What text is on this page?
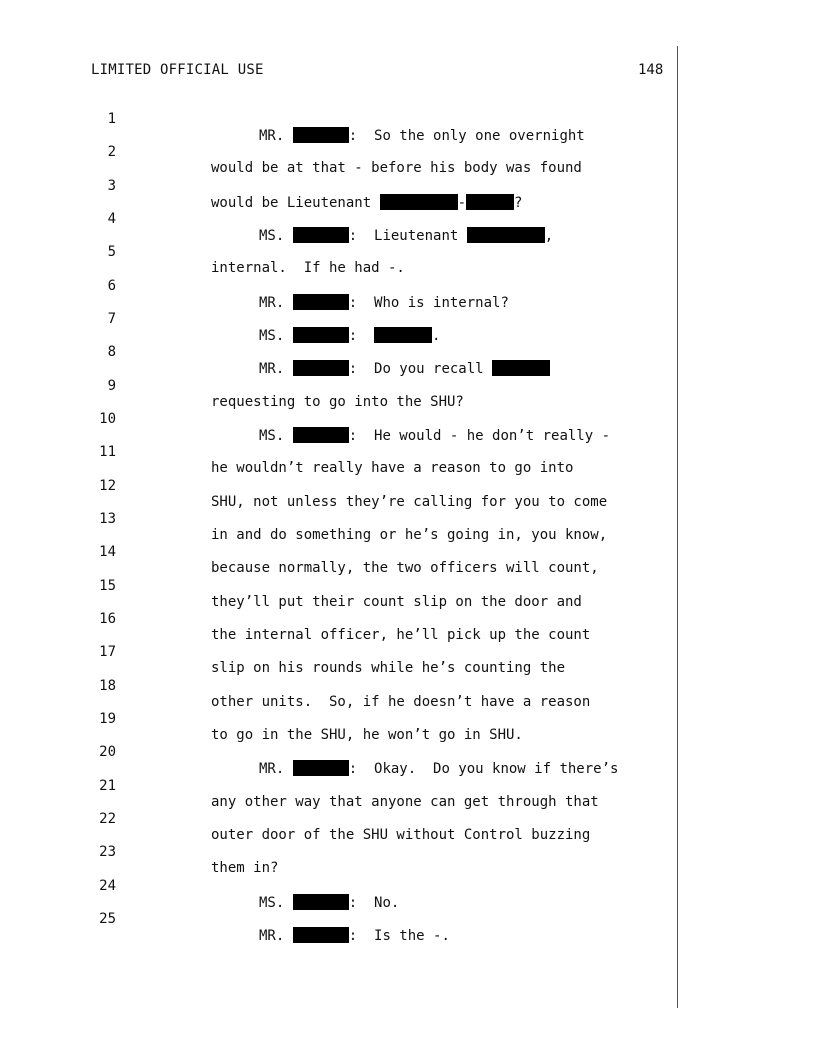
LIMITED OFFICIAL USE	148

1

MR.	:  So the only one overnight

2

would be at that - before his body was found

3

would be Lieutenant	-	?

4

MS.	:  Lieutenant	,

5

internal.  If he had -.

6

MR.	:  Who is internal?

7

MS.	:	.

8

MR.	:  Do you recall

9

requesting to go into the SHU?

10

MS.	:  He would - he don’t really -

11

he wouldn’t really have a reason to go into

12

SHU, not unless they’re calling for you to come

13

in and do something or he’s going in, you know,

14

because normally, the two officers will count,

15

they’ll put their count slip on the door and

16

the internal officer, he’ll pick up the count

17

slip on his rounds while he’s counting the

18

other units.  So, if he doesn’t have a reason

19

to go in the SHU, he won’t go in SHU.

20

MR.	:  Okay.  Do you know if there’s

21

any other way that anyone can get through that

22

outer door of the SHU without Control buzzing

23

them in?

24

MS.	:  No.

25

MR.	:  Is the -.
